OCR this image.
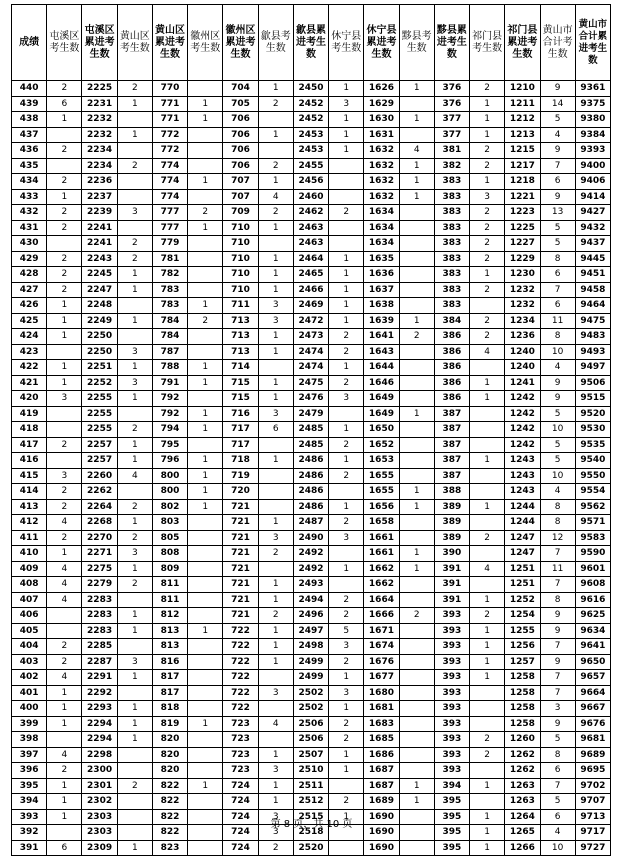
成绩	屯溪区考生数	屯溪区累进考生数	黄山区考生数	黄山区累进考生数	徽州区考生数	徽州区累进考生数	歙县考生数	歙县累进考生数	休宁县考生数	休宁县累进考生数	黟县考生数	黟县累进考生数	祁门县考生数	祁门县累进考生数	黄山市合计考生数	黄山市合计累进考生数
440	2	2225	2	770		704	1	2450	1	1626	1	376	2	1210	9	9361
439	6	2231	1	771	1	705	2	2452	3	1629		376	1	1211	14	9375
438	1	2232		771	1	706		2452	1	1630	1	377	1	1212	5	9380
437		2232	1	772		706	1	2453	1	1631		377	1	1213	4	9384
436	2	2234		772		706		2453	1	1632	4	381	2	1215	9	9393
435		2234	2	774		706	2	2455		1632	1	382	2	1217	7	9400
434	2	2236		774	1	707	1	2456		1632	1	383	1	1218	6	9406
433	1	2237		774		707	4	2460		1632	1	383	3	1221	9	9414
432	2	2239	3	777	2	709	2	2462	2	1634		383	2	1223	13	9427
431	2	2241		777	1	710	1	2463		1634		383	2	1225	5	9432
430		2241	2	779		710		2463		1634		383	2	1227	5	9437
429	2	2243	2	781		710	1	2464	1	1635		383	2	1229	8	9445
428	2	2245	1	782		710	1	2465	1	1636		383	1	1230	6	9451
427	2	2247	1	783		710	1	2466	1	1637		383	2	1232	7	9458
426	1	2248		783	1	711	3	2469	1	1638		383		1232	6	9464
425	1	2249	1	784	2	713	3	2472	1	1639	1	384	2	1234	11	9475
424	1	2250		784		713	1	2473	2	1641	2	386	2	1236	8	9483
423		2250	3	787		713	1	2474	2	1643		386	4	1240	10	9493
422	1	2251	1	788	1	714		2474	1	1644		386		1240	4	9497
421	1	2252	3	791	1	715	1	2475	2	1646		386	1	1241	9	9506
420	3	2255	1	792		715	1	2476	3	1649		386	1	1242	9	9515
419		2255		792	1	716	3	2479		1649	1	387		1242	5	9520
418		2255	2	794	1	717	6	2485	1	1650		387		1242	10	9530
417	2	2257	1	795		717		2485	2	1652		387		1242	5	9535
416		2257	1	796	1	718	1	2486	1	1653		387	1	1243	5	9540
415	3	2260	4	800	1	719		2486	2	1655		387		1243	10	9550
414	2	2262		800	1	720		2486		1655	1	388		1243	4	9554
413	2	2264	2	802	1	721		2486	1	1656	1	389	1	1244	8	9562
412	4	2268	1	803		721	1	2487	2	1658		389		1244	8	9571
411	2	2270	2	805		721	3	2490	3	1661		389	2	1247	12	9583
410	1	2271	3	808		721	2	2492		1661	1	390		1247	7	9590
409	4	2275	1	809		721		2492	1	1662	1	391	4	1251	11	9601
408	4	2279	2	811		721	1	2493		1662		391		1251	7	9608
407	4	2283		811		721	1	2494	2	1664		391	1	1252	8	9616
406		2283	1	812		721	2	2496	2	1666	2	393	2	1254	9	9625
405		2283	1	813	1	722	1	2497	5	1671		393	1	1255	9	9634
404	2	2285		813		722	1	2498	3	1674		393	1	1256	7	9641
403	2	2287	3	816		722	1	2499	2	1676		393	1	1257	9	9650
402	4	2291	1	817		722		2499	1	1677		393	1	1258	7	9657
401	1	2292		817		722	3	2502	3	1680		393		1258	7	9664
400	1	2293	1	818		722		2502	1	1681		393		1258	3	9667
399	1	2294	1	819	1	723	4	2506	2	1683		393		1258	9	9676
398		2294	1	820		723		2506	2	1685		393	2	1260	5	9681
397	4	2298		820		723	1	2507	1	1686		393	2	1262	8	9689
396	2	2300		820		723	3	2510	1	1687		393		1262	6	9695
395	1	2301	2	822	1	724	1	2511		1687	1	394	1	1263	7	9702
394	1	2302		822		724	1	2512	2	1689	1	395		1263	5	9707
393	1	2303		822		724	3	2515	1	1690		395	1	1264	6	9713
392		2303		822		724	3	2518		1690		395	1	1265	4	9717
391	6	2309	1	823		724	2	2520		1690		395	1	1266	10	9727
第 8 页，共 10 页
